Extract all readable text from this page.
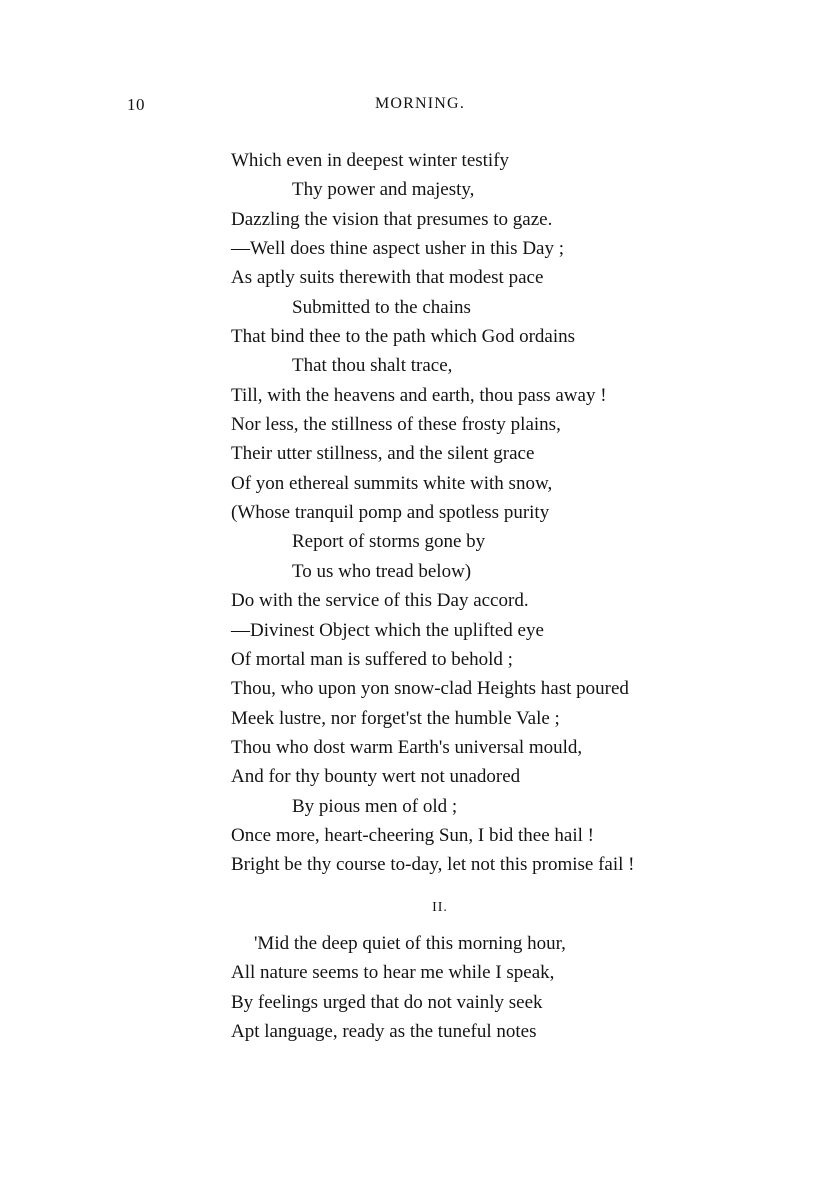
10	MORNING.
Which even in deepest winter testify
Thy power and majesty,
Dazzling the vision that presumes to gaze.
—Well does thine aspect usher in this Day ;
As aptly suits therewith that modest pace
Submitted to the chains
That bind thee to the path which God ordains
That thou shalt trace,
Till, with the heavens and earth, thou pass away !
Nor less, the stillness of these frosty plains,
Their utter stillness, and the silent grace
Of yon ethereal summits white with snow,
(Whose tranquil pomp and spotless purity
Report of storms gone by
To us who tread below)
Do with the service of this Day accord.
—Divinest Object which the uplifted eye
Of mortal man is suffered to behold ;
Thou, who upon yon snow-clad Heights hast poured
Meek lustre, nor forget'st the humble Vale ;
Thou who dost warm Earth's universal mould,
And for thy bounty wert not unadored
By pious men of old ;
Once more, heart-cheering Sun, I bid thee hail !
Bright be thy course to-day, let not this promise fail !
II.
'Mid the deep quiet of this morning hour,
All nature seems to hear me while I speak,
By feelings urged that do not vainly seek
Apt language, ready as the tuneful notes
